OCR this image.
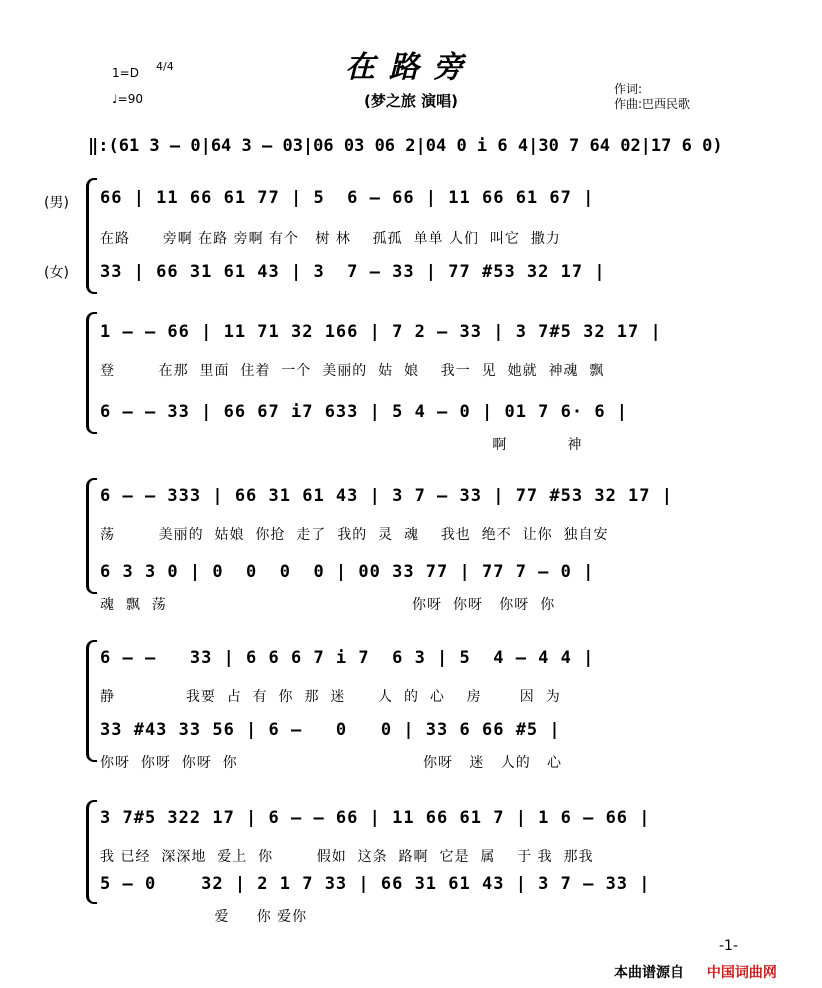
在路旁
(梦之旅 演唱)
1=D	4/4
♩=90
作词:
作曲:巴西民歌
‖:(61 3 – 0|64 3 – 03|06 03 06 2|04 0 i 6 4|30 7 64 02|17 6 0)
(男)
(女)
66 | 11 66 61 77 | 5  6 – 66 | 11 66 61 67 |
在路      旁啊 在路 旁啊 有个   树 林    孤孤  单单 人们  叫它  撒力
33 | 66 31 61 43 | 3  7 – 33 | 77 #53 32 17 |
1 – – 66 | 11 71 32 166 | 7 2 – 33 | 3 7#5 32 17 |
登        在那  里面  住着  一个  美丽的  姑  娘    我一  见  她就  神魂  飘
6 – – 33 | 66 67 i7 633 | 5 4 – 0 | 01 7 6· 6 |
啊           神
6 – – 333 | 66 31 61 43 | 3 7 – 33 | 77 #53 32 17 |
荡        美丽的  姑娘  你抢  走了  我的  灵  魂    我也  绝不  让你  独自安
6 3 3 0 | 0  0  0  0 | 00 33 77 | 77 7 – 0 |
魂  飘  荡                                             你呀  你呀   你呀  你
6 – –   33 | 6 6 6 7 i 7  6 3 | 5  4 – 4 4 |
静             我要  占  有  你  那  迷      人  的  心    房       因  为
33 #43 33 56 | 6 –   0   0 | 33 6 66 #5 |
你呀  你呀  你呀  你                                  你呀   迷   人的   心
3 7#5 322 17 | 6 – – 66 | 11 66 61 7 | 1 6 – 66 |
我 已经  深深地  爱上  你        假如  这条  路啊  它是  属    于 我  那我
5 – 0    32 | 2 1 7 33 | 66 31 61 43 | 3 7 – 33 |
爱     你 爱你
-1-
本曲谱源自 中国词曲网
